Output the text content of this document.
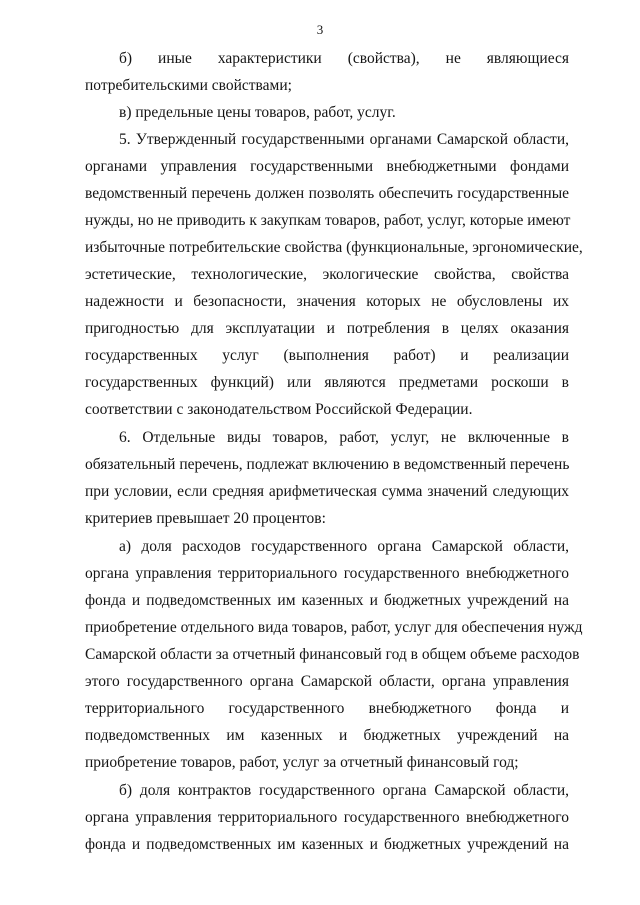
3
б) иные характеристики (свойства), не являющиеся
потребительскими свойствами;
в) предельные цены товаров, работ, услуг.
5. Утвержденный государственными органами Самарской области,
органами управления государственными внебюджетными фондами
ведомственный перечень должен позволять обеспечить государственные
нужды, но не приводить к закупкам товаров, работ, услуг, которые имеют
избыточные потребительские свойства (функциональные, эргономические,
эстетические, технологические, экологические свойства, свойства
надежности и безопасности, значения которых не обусловлены их
пригодностью для эксплуатации и потребления в целях оказания
государственных услуг (выполнения работ) и реализации
государственных функций) или являются предметами роскоши в
соответствии с законодательством Российской Федерации.
6. Отдельные виды товаров, работ, услуг, не включенные в
обязательный перечень, подлежат включению в ведомственный перечень
при условии, если средняя арифметическая сумма значений следующих
критериев превышает 20 процентов:
а) доля расходов государственного органа Самарской области,
органа управления территориального государственного внебюджетного
фонда и подведомственных им казенных и бюджетных учреждений на
приобретение отдельного вида товаров, работ, услуг для обеспечения нужд
Самарской области за отчетный финансовый год в общем объеме расходов
этого государственного органа Самарской области, органа управления
территориального государственного внебюджетного фонда и
подведомственных им казенных и бюджетных учреждений на
приобретение товаров, работ, услуг за отчетный финансовый год;
б) доля контрактов государственного органа Самарской области,
органа управления территориального государственного внебюджетного
фонда и подведомственных им казенных и бюджетных учреждений на
